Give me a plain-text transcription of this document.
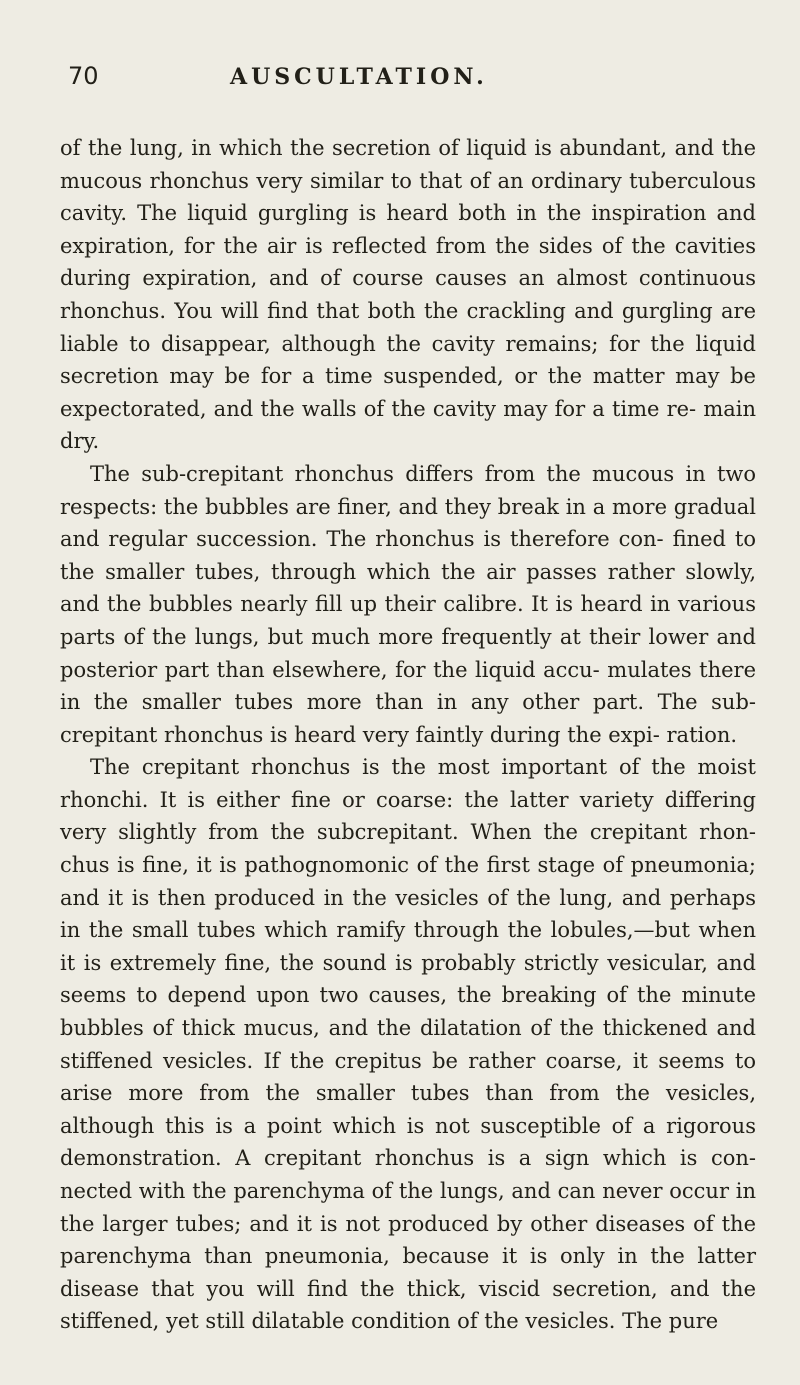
70	AUSCULTATION.

of the lung, in which the secretion of liquid is abundant, and the mucous rhonchus very similar to that of an ordinary tuberculous cavity. The liquid gurgling is heard both in the inspiration and expiration, for the air is reflected from the sides of the cavities during expiration, and of course causes an almost continuous rhonchus. You will find that both the crackling and gurgling are liable to disappear, although the cavity remains; for the liquid secretion may be for a time suspended, or the matter may be expectorated, and the walls of the cavity may for a time re- main dry.

The sub-crepitant rhonchus differs from the mucous in two respects: the bubbles are finer, and they break in a more gradual and regular succession. The rhonchus is therefore con- fined to the smaller tubes, through which the air passes rather slowly, and the bubbles nearly fill up their calibre. It is heard in various parts of the lungs, but much more frequently at their lower and posterior part than elsewhere, for the liquid accu- mulates there in the smaller tubes more than in any other part. The sub-crepitant rhonchus is heard very faintly during the expi- ration.

The crepitant rhonchus is the most important of the moist rhonchi. It is either fine or coarse: the latter variety differing very slightly from the subcrepitant. When the crepitant rhon- chus is fine, it is pathognomonic of the first stage of pneumonia; and it is then produced in the vesicles of the lung, and perhaps in the small tubes which ramify through the lobules,—but when it is extremely fine, the sound is probably strictly vesicular, and seems to depend upon two causes, the breaking of the minute bubbles of thick mucus, and the dilatation of the thickened and stiffened vesicles. If the crepitus be rather coarse, it seems to arise more from the smaller tubes than from the vesicles, although this is a point which is not susceptible of a rigorous demonstration. A crepitant rhonchus is a sign which is con- nected with the parenchyma of the lungs, and can never occur in the larger tubes; and it is not produced by other diseases of the parenchyma than pneumonia, because it is only in the latter disease that you will find the thick, viscid secretion, and the stiffened, yet still dilatable condition of the vesicles. The pure
